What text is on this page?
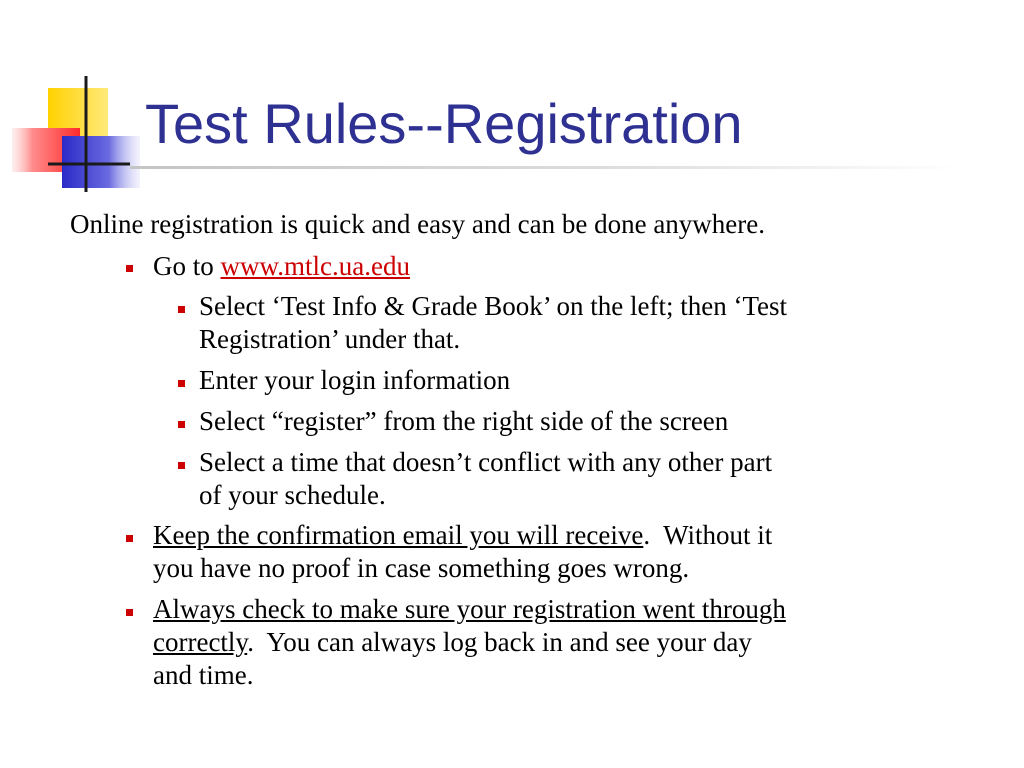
Test Rules--Registration
Online registration is quick and easy and can be done anywhere.
Go to www.mtlc.ua.edu
Select ‘Test Info & Grade Book’ on the left; then ‘Test
Registration’ under that.
Enter your login information
Select “register” from the right side of the screen
Select a time that doesn’t conflict with any other part
of your schedule.
Keep the confirmation email you will receive.  Without it
you have no proof in case something goes wrong.
Always check to make sure your registration went through
correctly.  You can always log back in and see your day
and time.
